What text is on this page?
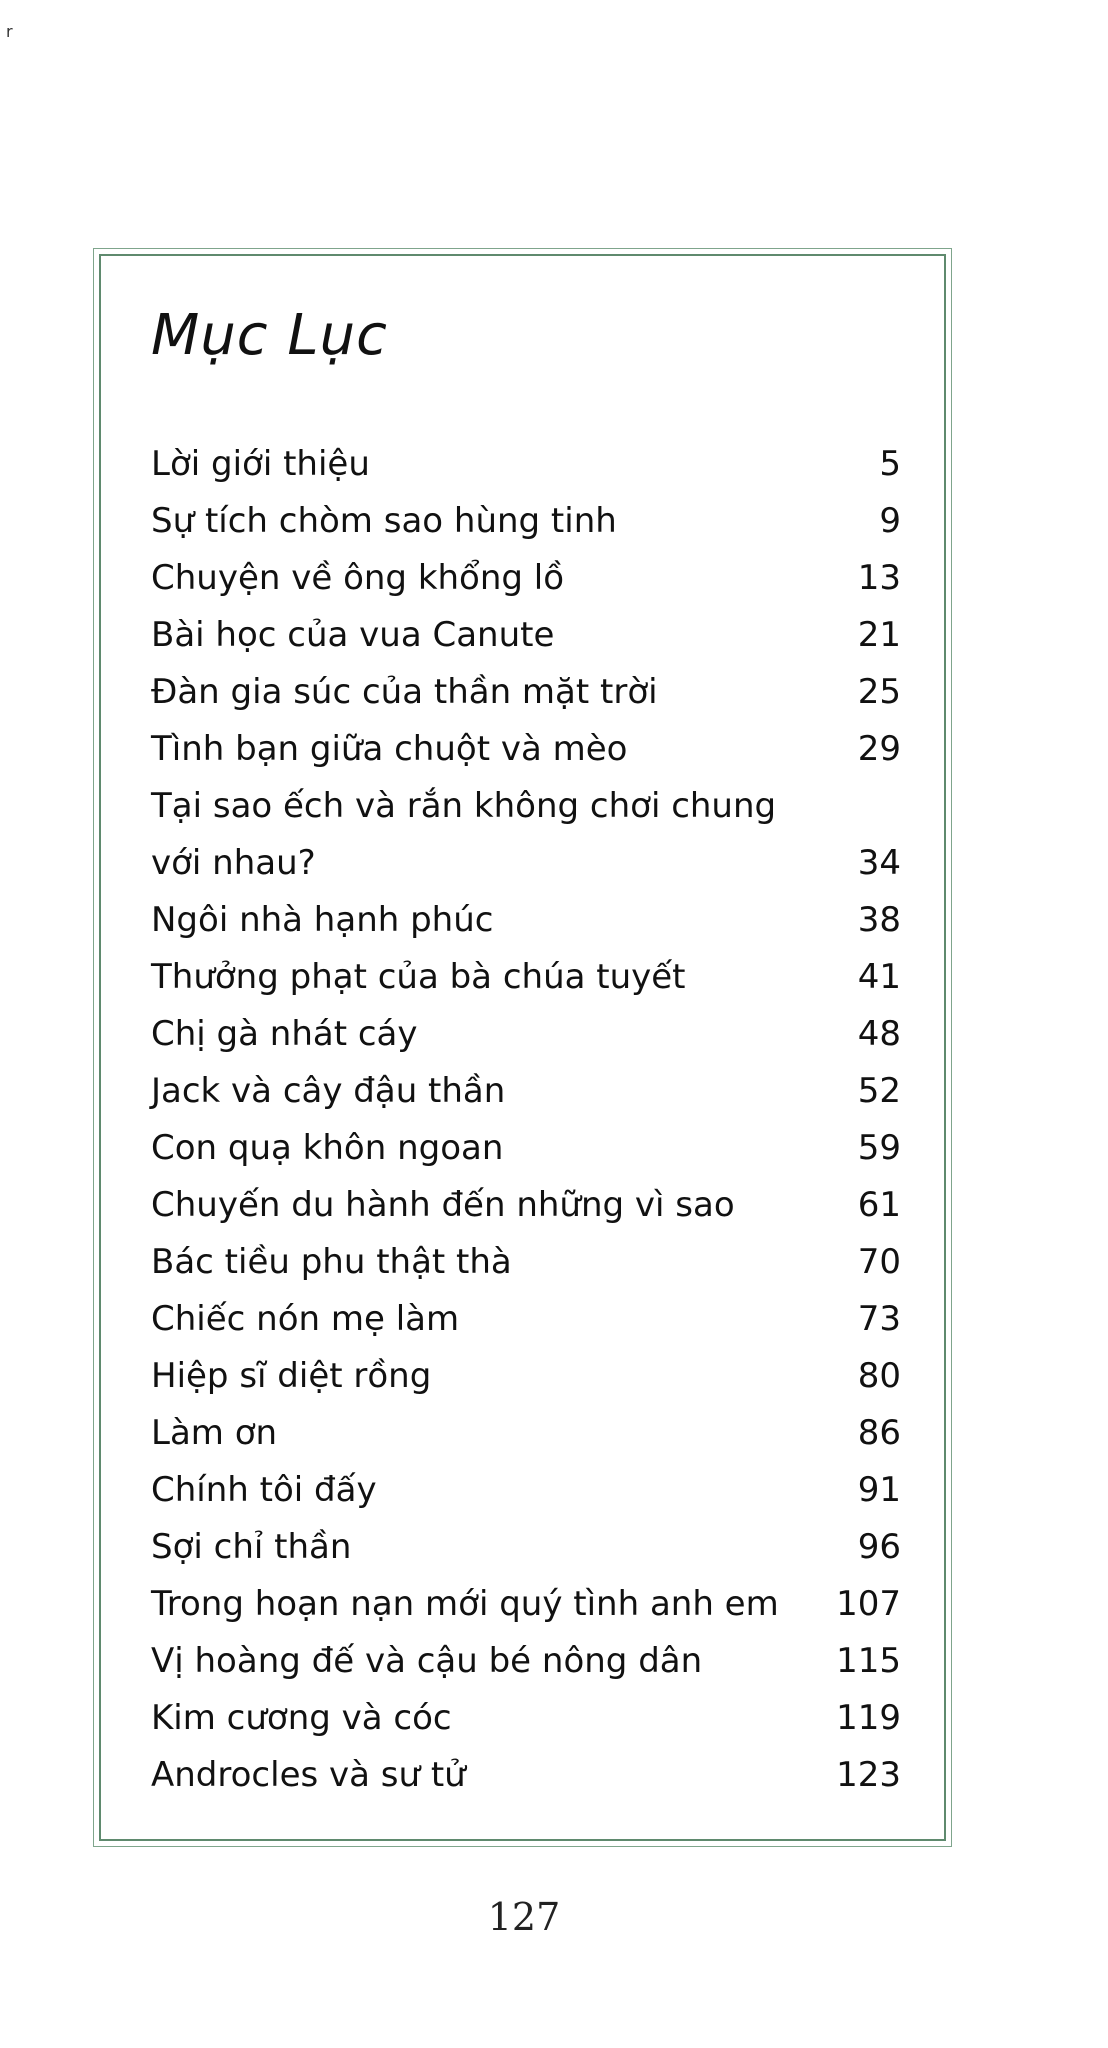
r
Mục Lục
Lời giới thiệu	5
Sự tích chòm sao hùng tinh	9
Chuyện về ông khổng lồ	13
Bài học của vua Canute	21
Đàn gia súc của thần mặt trời	25
Tình bạn giữa chuột và mèo	29
Tại sao ếch và rắn không chơi chung
với nhau?	34
Ngôi nhà hạnh phúc	38
Thưởng phạt của bà chúa tuyết	41
Chị gà nhát cáy	48
Jack và cây đậu thần	52
Con quạ khôn ngoan	59
Chuyến du hành đến những vì sao	61
Bác tiều phu thật thà	70
Chiếc nón mẹ làm	73
Hiệp sĩ diệt rồng	80
Làm ơn	86
Chính tôi đấy	91
Sợi chỉ thần	96
Trong hoạn nạn mới quý tình anh em 107
Vị hoàng đế và cậu bé nông dân	115
Kim cương và cóc	119
Androcles và sư tử	123
127
